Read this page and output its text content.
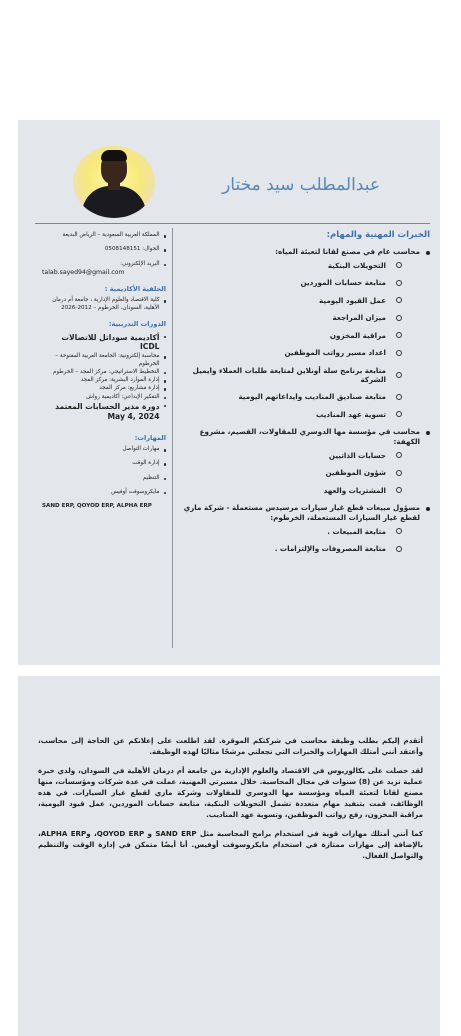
عبدالمطلب سيد مختار
الخبرات المهنية والمهام:
محاسب عام في مصنع لقانا لتعبئة المياه:
التحويلات البنكية
متابعة حسابات الموردين
عمل القيود اليومية
ميزان المراجعة
مراقبة المخزون
اعداد مسير رواتب الموظفين
متابعة برنامج سلة أونلاين لمتابعة طلبات العملاء وايميل الشركة
متابعة صناديق المناديب وايداعاتهم اليومية
تسوية عهد المناديب
محاسب في مؤسسة مها الدوسري للمقاولات، القصيم، مشروع الكهفة:
حسابات الذاتيين
شؤون الموظفين
المشتريات والعهد
مسؤول مبيعات قطع غيار سيارات مرسيدس مستعملة - شركة ماري لقطع غيار السيارات المستعملة، الخرطوم:
متابعة المبيعات .
متابعة المصروفات والإلتزامات .
المملكة العربية السعودية – الرياض البديعة
الجوال: 0508148151
البريد الإلكتروني:
talab.sayed94@gmail.com
الخلفية الأكاديمية :
كلية الاقتصاد والعلوم الإدارية ، جامعة أم درمان الأهلية، السودان، الخرطوم – 2012-2026
الدورات التدريبية:
أكاديمية سوداتل للاتصالات ICDL
محاسبة إلكترونية: الجامعة العربية المفتوحة – الخرطوم
التخطيط الاستراتيجي: مركز المجد – الخرطوم
إدارة الموارد البشرية: مركز المجد
إدارة مشاريع: مركز المجد
التفكير الإبداعي: أكاديمية رواش
دورة مدير الحسابات المعتمد May 4, 2024
المهارات:
مهارات التواصل
إدارة الوقت
التنظيم
مايكروسوفت أوفيس
SAND ERP, QOYOD ERP, ALPHA ERP

أتقدم إليكم بطلب وظيفة محاسب في شركتكم الموقرة. لقد اطلعت على إعلانكم عن الحاجة إلى محاسب، وأعتقد أنني أمتلك المهارات والخبرات التي تجعلني مرشحًا مثاليًا لهذه الوظيفة.

لقد حصلت على بكالوريوس في الاقتصاد والعلوم الإدارية من جامعة أم درمان الأهلية في السودان، ولدي خبرة عملية تزيد عن (8) سنوات في مجال المحاسبة. خلال مسيرتي المهنية، عملت في عدة شركات ومؤسسات، منها مصنع لقانا لتعبئة المياه ومؤسسة مها الدوسري للمقاولات وشركة ماري لقطع غيار السيارات. في هذه الوظائف، قمت بتنفيذ مهام متعددة تشمل التحويلات البنكية، متابعة حسابات الموردين، عمل قيود اليومية، مراقبة المخزون، رفع رواتب الموظفين، وتسوية عهد المناديب.

كما أنني أمتلك مهارات قوية في استخدام برامج المحاسبة مثل SAND ERP و QOYOD ERP، وALPHA ERP، بالإضافة إلى مهارات ممتازة في استخدام مايكروسوفت أوفيس. أنا أيضًا متمكن في إدارة الوقت والتنظيم والتواصل الفعال.
